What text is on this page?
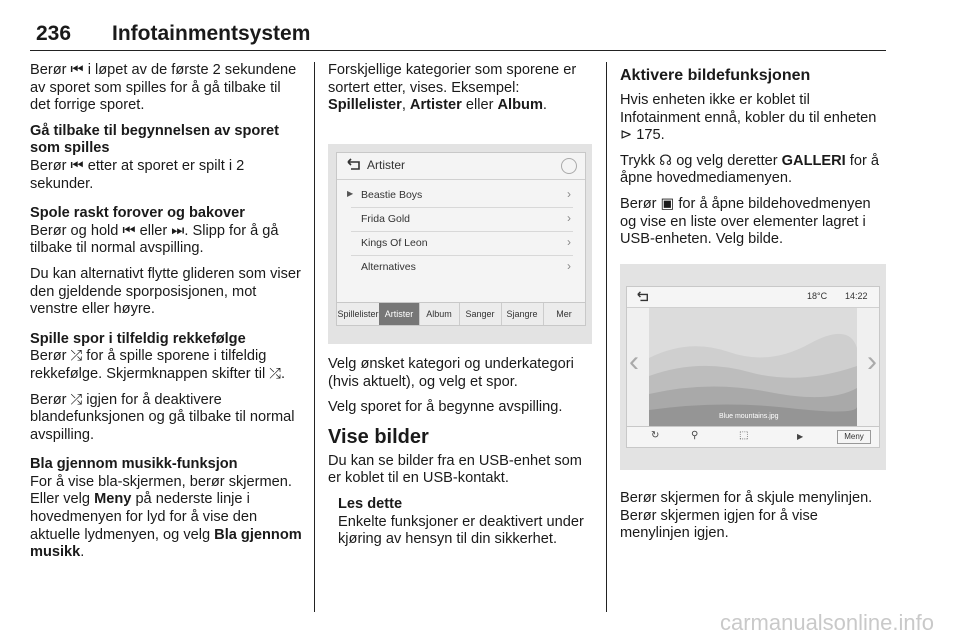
236 Infotainmentsystem

Berør ⏮ i løpet av de første 2 sekundene av sporet som spilles for å gå tilbake til det forrige sporet.

Gå tilbake til begynnelsen av sporet som spilles

Berør ⏮ etter at sporet er spilt i 2 sekunder.

Spole raskt forover og bakover

Berør og hold ⏮ eller ⏭. Slipp for å gå tilbake til normal avspilling.

Du kan alternativt flytte glideren som viser den gjeldende sporposisjonen, mot venstre eller høyre.

Spille spor i tilfeldig rekkefølge

Berør ⤮ for å spille sporene i tilfeldig rekkefølge. Skjermknappen skifter til ⤮.

Berør ⤮ igjen for å deaktivere blandefunksjonen og gå tilbake til normal avspilling.

Bla gjennom musikk-funksjon

For å vise bla-skjermen, berør skjermen. Eller velg Meny på nederste linje i hovedmenyen for lyd for å vise den aktuelle lydmenyen, og velg Bla gjennom musikk.

Forskjellige kategorier som sporene er sortert etter, vises. Eksempel:
Spillelister, Artister eller Album.

Artister
▶ Beastie Boys	›
Frida Gold	›
Kings Of Leon	›
Alternatives	›
Spillelister Artister	Album	Sanger	Sjangre	Mer

Velg ønsket kategori og underkategori (hvis aktuelt), og velg et spor.

Velg sporet for å begynne avspilling.

Vise bilder

Du kan se bilder fra en USB-enhet som er koblet til en USB-kontakt.

Les dette
Enkelte funksjoner er deaktivert under kjøring av hensyn til din sikkerhet.
Aktivere bildefunksjonen

Hvis enheten ikke er koblet til Infotainment ennå, kobler du til enheten ⊳ 175.

Trykk ☊ og velg deretter GALLERI for å åpne hovedmediamenyen.

Berør ▣ for å åpne bildehovedmenyen og vise en liste over elementer lagret i USB-enheten. Velg bilde.

18°C 14:22
Blue mountains.jpg
‹	›
↻	⚲	⬚	▶	Meny

Berør skjermen for å skjule menylinjen. Berør skjermen igjen for å vise menylinjen igjen.

carmanualsonline.info
